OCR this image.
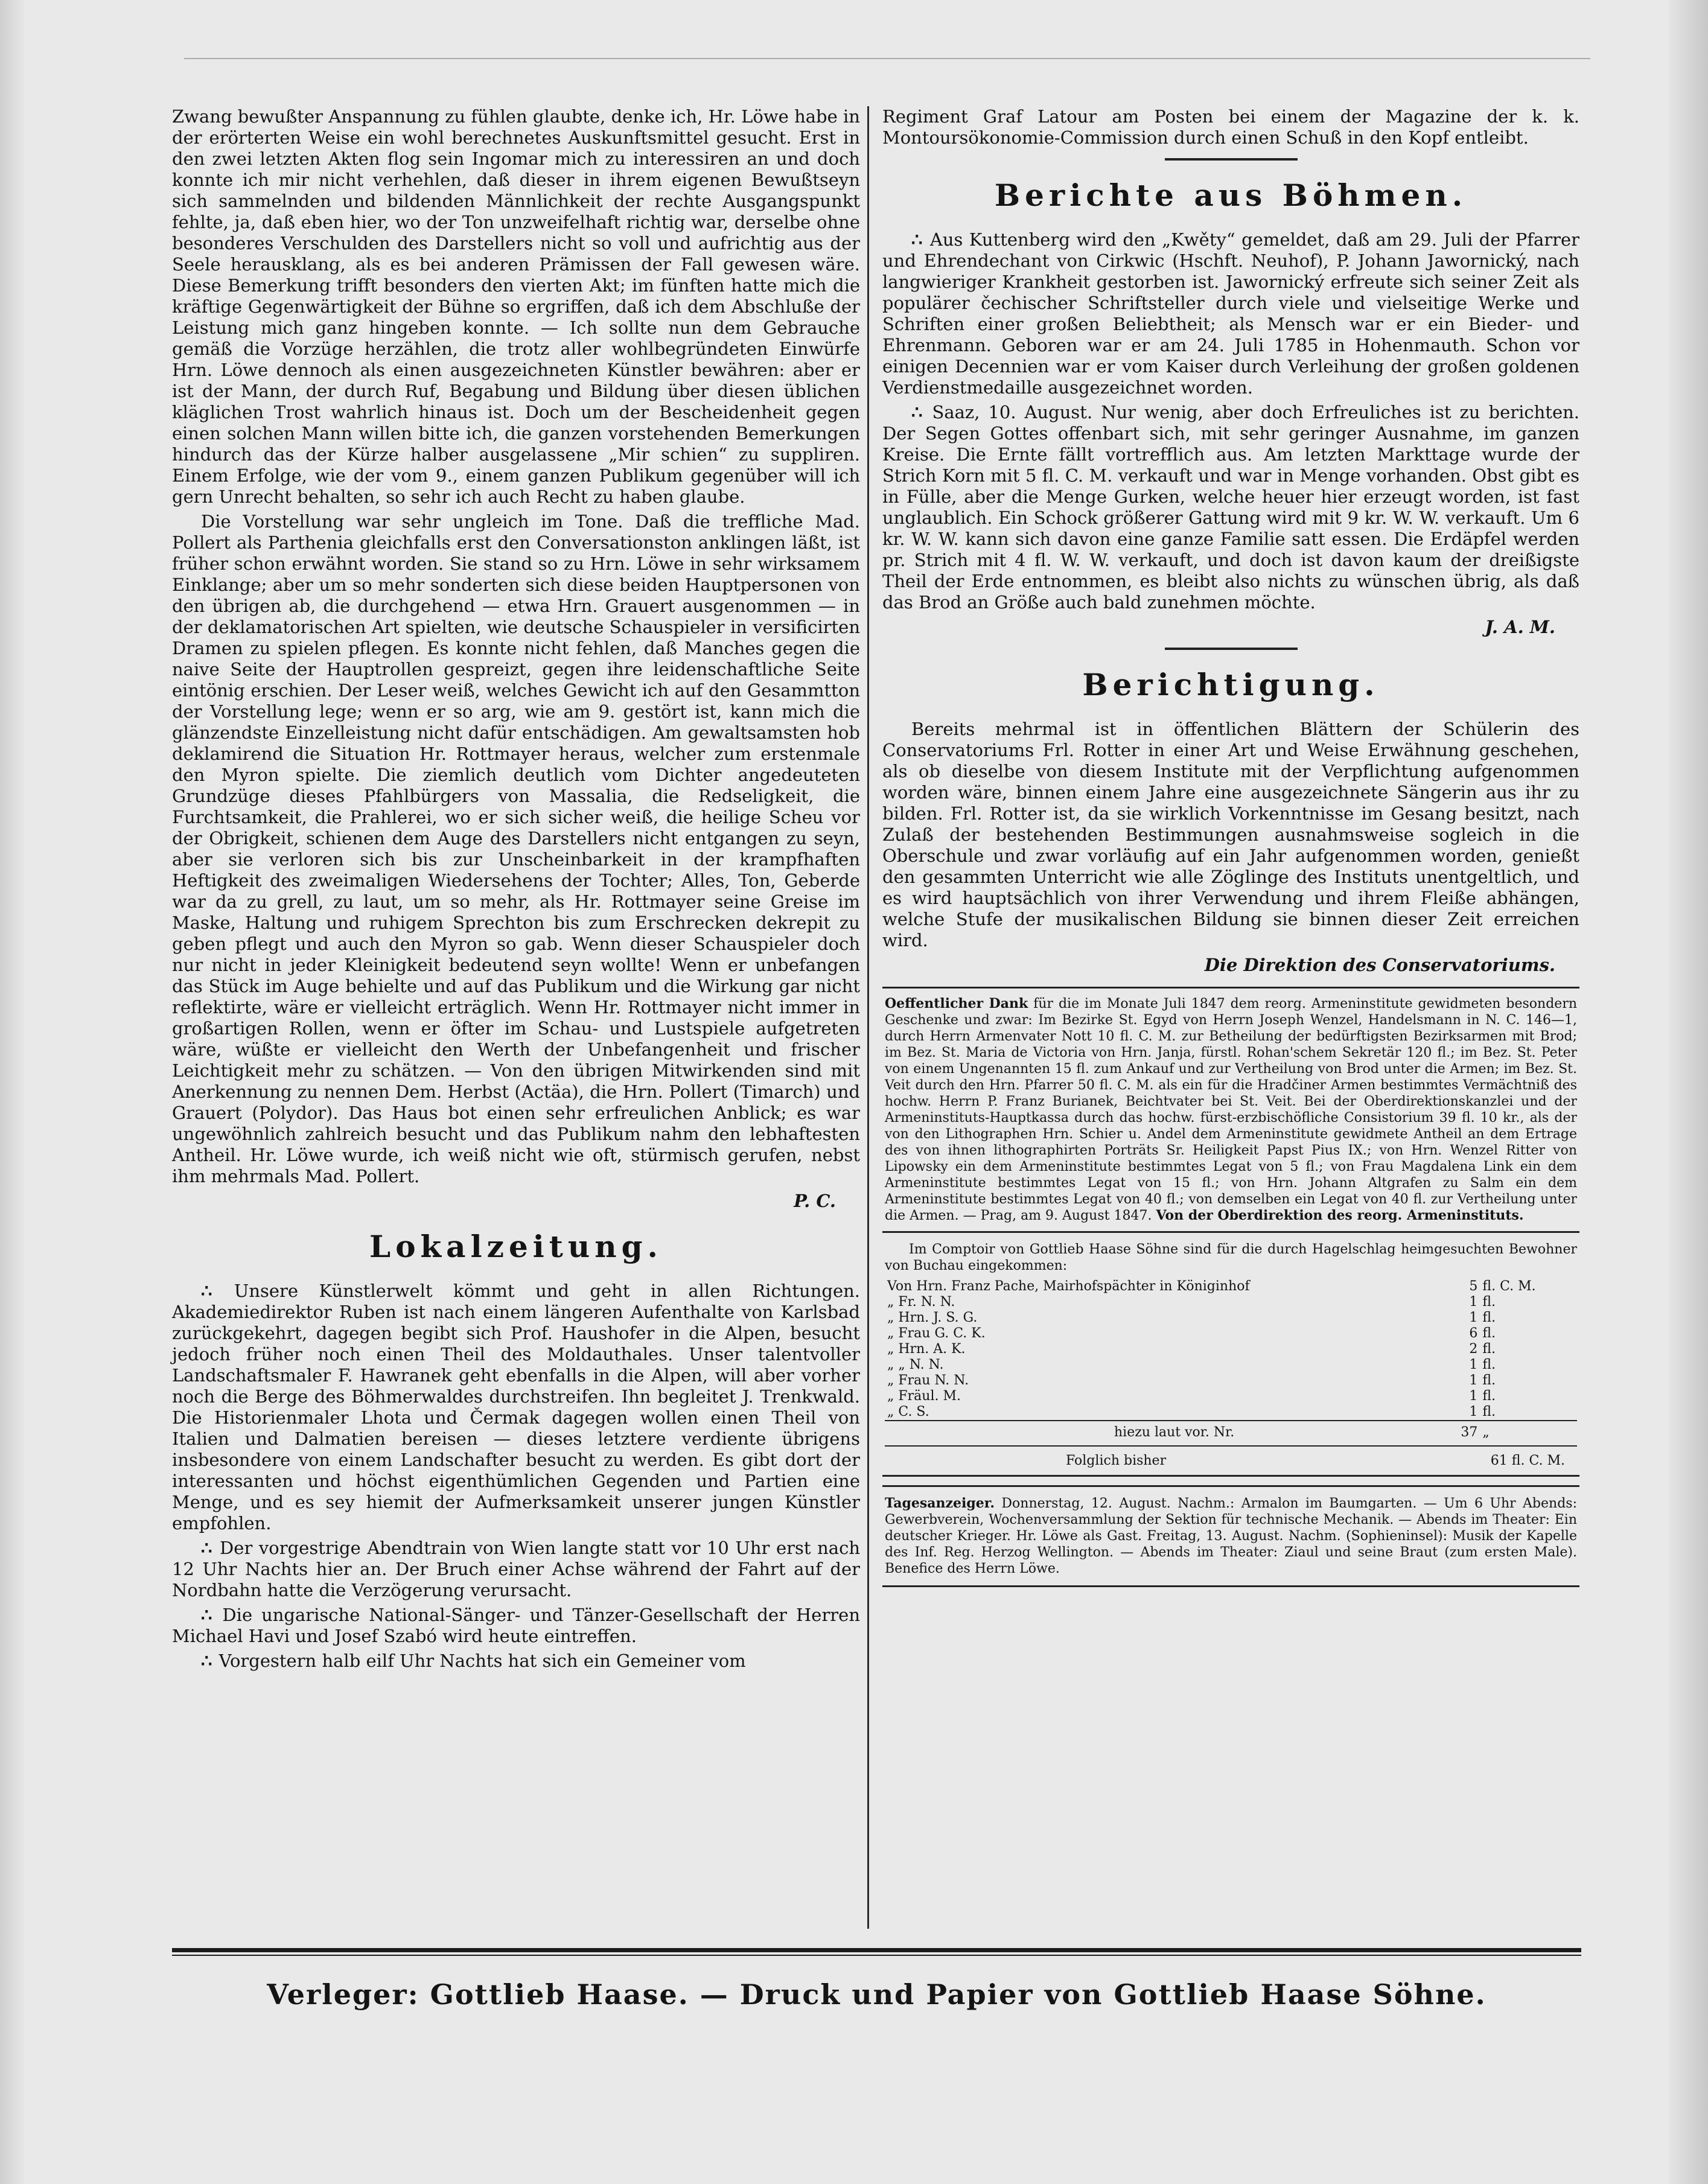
Zwang bewußter Anspannung zu fühlen glaubte, denke ich, Hr. Löwe habe in der erörterten Weise ein wohl berechnetes Auskunftsmittel gesucht. Erst in den zwei letzten Akten flog sein Ingomar mich zu interessiren an und doch konnte ich mir nicht verhehlen, daß dieser in ihrem eigenen Bewußtseyn sich sammelnden und bildenden Männlichkeit der rechte Ausgangspunkt fehlte, ja, daß eben hier, wo der Ton unzweifelhaft richtig war, derselbe ohne besonderes Verschulden des Darstellers nicht so voll und aufrichtig aus der Seele herausklang, als es bei anderen Prämissen der Fall gewesen wäre. Diese Bemerkung trifft besonders den vierten Akt; im fünften hatte mich die kräftige Gegenwärtigkeit der Bühne so ergriffen, daß ich dem Abschluße der Leistung mich ganz hingeben konnte. — Ich sollte nun dem Gebrauche gemäß die Vorzüge herzählen, die trotz aller wohlbegründeten Einwürfe Hrn. Löwe dennoch als einen ausgezeichneten Künstler bewähren: aber er ist der Mann, der durch Ruf, Begabung und Bildung über diesen üblichen kläglichen Trost wahrlich hinaus ist. Doch um der Bescheidenheit gegen einen solchen Mann willen bitte ich, die ganzen vorstehenden Bemerkungen hindurch das der Kürze halber ausgelassene „Mir schien“ zu suppliren. Einem Erfolge, wie der vom 9., einem ganzen Publikum gegenüber will ich gern Unrecht behalten, so sehr ich auch Recht zu haben glaube.

Die Vorstellung war sehr ungleich im Tone. Daß die treffliche Mad. Pollert als Parthenia gleichfalls erst den Conversationston anklingen läßt, ist früher schon erwähnt worden. Sie stand so zu Hrn. Löwe in sehr wirksamem Einklange; aber um so mehr sonderten sich diese beiden Hauptpersonen von den übrigen ab, die durchgehend — etwa Hrn. Grauert ausgenommen — in der deklamatorischen Art spielten, wie deutsche Schauspieler in versificirten Dramen zu spielen pflegen. Es konnte nicht fehlen, daß Manches gegen die naive Seite der Hauptrollen gespreizt, gegen ihre leidenschaftliche Seite eintönig erschien. Der Leser weiß, welches Gewicht ich auf den Gesammtton der Vorstellung lege; wenn er so arg, wie am 9. gestört ist, kann mich die glänzendste Einzelleistung nicht dafür entschädigen. Am gewaltsamsten hob deklamirend die Situation Hr. Rottmayer heraus, welcher zum erstenmale den Myron spielte. Die ziemlich deutlich vom Dichter angedeuteten Grundzüge dieses Pfahlbürgers von Massalia, die Redseligkeit, die Furchtsamkeit, die Prahlerei, wo er sich sicher weiß, die heilige Scheu vor der Obrigkeit, schienen dem Auge des Darstellers nicht entgangen zu seyn, aber sie verloren sich bis zur Unscheinbarkeit in der krampfhaften Heftigkeit des zweimaligen Wiedersehens der Tochter; Alles, Ton, Geberde war da zu grell, zu laut, um so mehr, als Hr. Rottmayer seine Greise im Maske, Haltung und ruhigem Sprechton bis zum Erschrecken dekrepit zu geben pflegt und auch den Myron so gab. Wenn dieser Schauspieler doch nur nicht in jeder Kleinigkeit bedeutend seyn wollte! Wenn er unbefangen das Stück im Auge behielte und auf das Publikum und die Wirkung gar nicht reflektirte, wäre er vielleicht erträglich. Wenn Hr. Rottmayer nicht immer in großartigen Rollen, wenn er öfter im Schau- und Lustspiele aufgetreten wäre, wüßte er vielleicht den Werth der Unbefangenheit und frischer Leichtigkeit mehr zu schätzen. — Von den übrigen Mitwirkenden sind mit Anerkennung zu nennen Dem. Herbst (Actäa), die Hrn. Pollert (Timarch) und Grauert (Polydor). Das Haus bot einen sehr erfreulichen Anblick; es war ungewöhnlich zahlreich besucht und das Publikum nahm den lebhaftesten Antheil. Hr. Löwe wurde, ich weiß nicht wie oft, stürmisch gerufen, nebst ihm mehrmals Mad. Pollert.

P. C.

Lokalzeitung.

∴ Unsere Künstlerwelt kömmt und geht in allen Richtungen. Akademiedirektor Ruben ist nach einem längeren Aufenthalte von Karlsbad zurückgekehrt, dagegen begibt sich Prof. Haushofer in die Alpen, besucht jedoch früher noch einen Theil des Moldauthales. Unser talentvoller Landschaftsmaler F. Hawranek geht ebenfalls in die Alpen, will aber vorher noch die Berge des Böhmerwaldes durchstreifen. Ihn begleitet J. Trenkwald. Die Historienmaler Lhota und Čermak dagegen wollen einen Theil von Italien und Dalmatien bereisen — dieses letztere verdiente übrigens insbesondere von einem Landschafter besucht zu werden. Es gibt dort der interessanten und höchst eigenthümlichen Gegenden und Partien eine Menge, und es sey hiemit der Aufmerksamkeit unserer jungen Künstler empfohlen.

∴ Der vorgestrige Abendtrain von Wien langte statt vor 10 Uhr erst nach 12 Uhr Nachts hier an. Der Bruch einer Achse während der Fahrt auf der Nordbahn hatte die Verzögerung verursacht.

∴ Die ungarische National-Sänger- und Tänzer-Gesellschaft der Herren Michael Havi und Josef Szabó wird heute eintreffen.

∴ Vorgestern halb eilf Uhr Nachts hat sich ein Gemeiner vom

Regiment Graf Latour am Posten bei einem der Magazine der k. k. Montoursökonomie-Commission durch einen Schuß in den Kopf entleibt.

Berichte aus Böhmen.

∴ Aus Kuttenberg wird den „Kwěty“ gemeldet, daß am 29. Juli der Pfarrer und Ehrendechant von Cirkwic (Hschft. Neuhof), P. Johann Jawornický, nach langwieriger Krankheit gestorben ist. Jawornický erfreute sich seiner Zeit als populärer čechischer Schriftsteller durch viele und vielseitige Werke und Schriften einer großen Beliebtheit; als Mensch war er ein Bieder- und Ehrenmann. Geboren war er am 24. Juli 1785 in Hohenmauth. Schon vor einigen Decennien war er vom Kaiser durch Verleihung der großen goldenen Verdienstmedaille ausgezeichnet worden.

∴ Saaz, 10. August. Nur wenig, aber doch Erfreuliches ist zu berichten. Der Segen Gottes offenbart sich, mit sehr geringer Ausnahme, im ganzen Kreise. Die Ernte fällt vortrefflich aus. Am letzten Markttage wurde der Strich Korn mit 5 fl. C. M. verkauft und war in Menge vorhanden. Obst gibt es in Fülle, aber die Menge Gurken, welche heuer hier erzeugt worden, ist fast unglaublich. Ein Schock größerer Gattung wird mit 9 kr. W. W. verkauft. Um 6 kr. W. W. kann sich davon eine ganze Familie satt essen. Die Erdäpfel werden pr. Strich mit 4 fl. W. W. verkauft, und doch ist davon kaum der dreißigste Theil der Erde entnommen, es bleibt also nichts zu wünschen übrig, als daß das Brod an Größe auch bald zunehmen möchte.

J. A. M.

Berichtigung.

Bereits mehrmal ist in öffentlichen Blättern der Schülerin des Conservatoriums Frl. Rotter in einer Art und Weise Erwähnung geschehen, als ob dieselbe von diesem Institute mit der Verpflichtung aufgenommen worden wäre, binnen einem Jahre eine ausgezeichnete Sängerin aus ihr zu bilden. Frl. Rotter ist, da sie wirklich Vorkenntnisse im Gesang besitzt, nach Zulaß der bestehenden Bestimmungen ausnahmsweise sogleich in die Oberschule und zwar vorläufig auf ein Jahr aufgenommen worden, genießt den gesammten Unterricht wie alle Zöglinge des Instituts unentgeltlich, und es wird hauptsächlich von ihrer Verwendung und ihrem Fleiße abhängen, welche Stufe der musikalischen Bildung sie binnen dieser Zeit erreichen wird.

Die Direktion des Conservatoriums.

Oeffentlicher Dank für die im Monate Juli 1847 dem reorg. Armeninstitute gewidmeten besondern Geschenke und zwar: Im Bezirke St. Egyd von Herrn Joseph Wenzel, Handelsmann in N. C. 146—1, durch Herrn Armenvater Nott 10 fl. C. M. zur Betheilung der bedürftigsten Bezirksarmen mit Brod; im Bez. St. Maria de Victoria von Hrn. Janja, fürstl. Rohan'schem Sekretär 120 fl.; im Bez. St. Peter von einem Ungenannten 15 fl. zum Ankauf und zur Vertheilung von Brod unter die Armen; im Bez. St. Veit durch den Hrn. Pfarrer 50 fl. C. M. als ein für die Hradčiner Armen bestimmtes Vermächtniß des hochw. Herrn P. Franz Burianek, Beichtvater bei St. Veit. Bei der Oberdirektionskanzlei und der Armeninstituts-Hauptkassa durch das hochw. fürst-erzbischöfliche Consistorium 39 fl. 10 kr., als der von den Lithographen Hrn. Schier u. Andel dem Armeninstitute gewidmete Antheil an dem Ertrage des von ihnen lithographirten Porträts Sr. Heiligkeit Papst Pius IX.; von Hrn. Wenzel Ritter von Lipowsky ein dem Armeninstitute bestimmtes Legat von 5 fl.; von Frau Magdalena Link ein dem Armeninstitute bestimmtes Legat von 15 fl.; von Hrn. Johann Altgrafen zu Salm ein dem Armeninstitute bestimmtes Legat von 40 fl.; von demselben ein Legat von 40 fl. zur Vertheilung unter die Armen. — Prag, am 9. August 1847. Von der Oberdirektion des reorg. Armeninstituts.
Im Comptoir von Gottlieb Haase Söhne sind für die durch Hagelschlag heimgesuchten Bewohner von Buchau eingekommen:
Von Hrn. Franz Pache, Mairhofspächter in Königinhof	5	fl. C. M.
„ Fr. N. N.	1	fl.
„ Hrn. J. S. G.	1	fl.
„ Frau G. C. K.	6	fl.
„ Hrn. A. K.	2	fl.
„ „ N. N.	1	fl.
„ Frau N. N.	1	fl.
„ Fräul. M.	1	fl.
„ C. S.	1	fl.
hiezu laut vor. Nr.	37	„
Folglich bisher	61 fl. C. M.
Tagesanzeiger. Donnerstag, 12. August. Nachm.: Armalon im Baumgarten. — Um 6 Uhr Abends: Gewerbverein, Wochenversammlung der Sektion für technische Mechanik. — Abends im Theater: Ein deutscher Krieger. Hr. Löwe als Gast. Freitag, 13. August. Nachm. (Sophieninsel): Musik der Kapelle des Inf. Reg. Herzog Wellington. — Abends im Theater: Ziaul und seine Braut (zum ersten Male). Benefice des Herrn Löwe.
Verleger: Gottlieb Haase. — Druck und Papier von Gottlieb Haase Söhne.
